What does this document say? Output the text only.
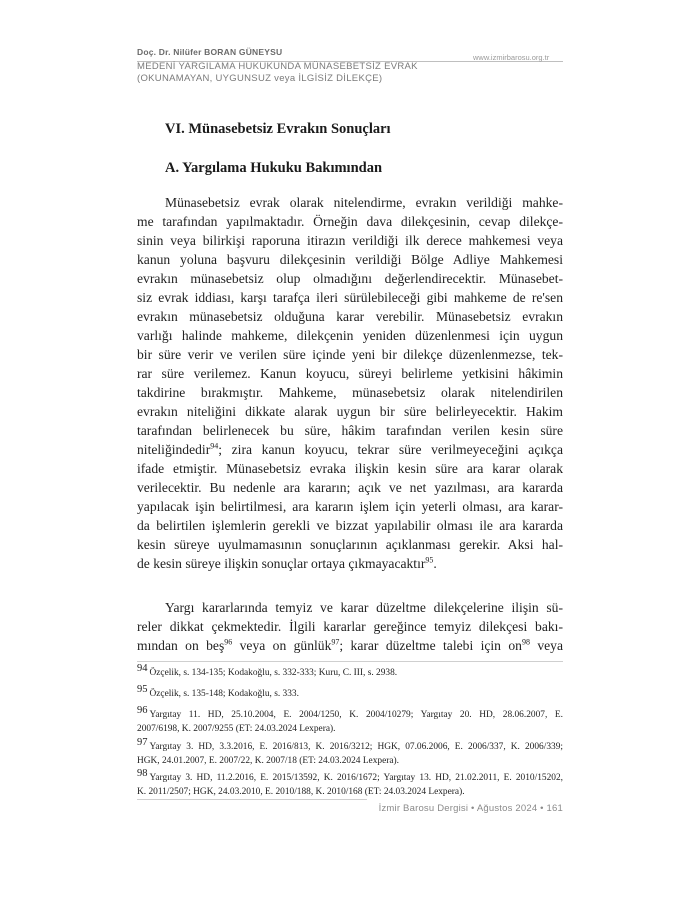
Doç. Dr. Nilüfer BORAN GÜNEYSU
www.izmirbarosu.org.tr
MEDENİ YARGILAMA HUKUKUNDA MÜNASEBETSİZ EVRAK
(OKUNAMAYAN, UYGUNSUZ veya İLGİSİZ DİLEKÇE)
VI. Münasebetsiz Evrakın Sonuçları
A. Yargılama Hukuku Bakımından
Münasebetsiz evrak olarak nitelendirme, evrakın verildiği mahke-
me tarafından yapılmaktadır. Örneğin dava dilekçesinin, cevap dilekçe-
sinin veya bilirkişi raporuna itirazın verildiği ilk derece mahkemesi veya
kanun yoluna başvuru dilekçesinin verildiği Bölge Adliye Mahkemesi
evrakın münasebetsiz olup olmadığını değerlendirecektir. Münasebet-
siz evrak iddiası, karşı tarafça ileri sürülebileceği gibi mahkeme de re'sen
evrakın münasebetsiz olduğuna karar verebilir. Münasebetsiz evrakın
varlığı halinde mahkeme, dilekçenin yeniden düzenlenmesi için uygun
bir süre verir ve verilen süre içinde yeni bir dilekçe düzenlenmezse, tek-
rar süre verilemez. Kanun koyucu, süreyi belirleme yetkisini hâkimin
takdirine bırakmıştır. Mahkeme, münasebetsiz olarak nitelendirilen
evrakın niteliğini dikkate alarak uygun bir süre belirleyecektir. Hakim
tarafından belirlenecek bu süre, hâkim tarafından verilen kesin süre
niteliğindedir$^{94}$; zira kanun koyucu, tekrar süre verilmeyeceğini açıkça
ifade etmiştir. Münasebetsiz evraka ilişkin kesin süre ara karar olarak
verilecektir. Bu nedenle ara kararın; açık ve net yazılması, ara kararda
yapılacak işin belirtilmesi, ara kararın işlem için yeterli olması, ara karar-
da belirtilen işlemlerin gerekli ve bizzat yapılabilir olması ile ara kararda
kesin süreye uyulmamasının sonuçlarının açıklanması gerekir. Aksi hal-
de kesin süreye ilişkin sonuçlar ortaya çıkmayacaktır$^{95}$.
Yargı kararlarında temyiz ve karar düzeltme dilekçelerine ilişin sü-
reler dikkat çekmektedir. İlgili kararlar gereğince temyiz dilekçesi bakı-
mından on beş$^{96}$ veya on günlük$^{97}$; karar düzeltme talebi için $on^{98}$ veya
94 Özçelik, s. 134-135; Kodakoğlu, s. 332-333; Kuru, C. III, s. 2938.
95 Özçelik, s. 135-148; Kodakoğlu, s. 333.
96 Yargıtay 11. HD, 25.10.2004, E. 2004/1250, K. 2004/10279; Yargıtay 20. HD, 28.06.2007, E.
2007/6198, K. 2007/9255 (ET: 24.03.2024 Lexpera).
97 Yargıtay 3. HD, 3.3.2016, E. 2016/813, K. 2016/3212; HGK, 07.06.2006, E. 2006/337, K. 2006/339;
HGK, 24.01.2007, E. 2007/22, K. 2007/18 (ET: 24.03.2024 Lexpera).
98 Yargıtay 3. HD, 11.2.2016, E. 2015/13592, K. 2016/1672; Yargıtay 13. HD, 21.02.2011, E. 2010/15202,
K. 2011/2507; HGK, 24.03.2010, E. 2010/188, K. 2010/168 (ET: 24.03.2024 Lexpera).
İzmir Barosu Dergisi • Ağustos 2024 • 161
